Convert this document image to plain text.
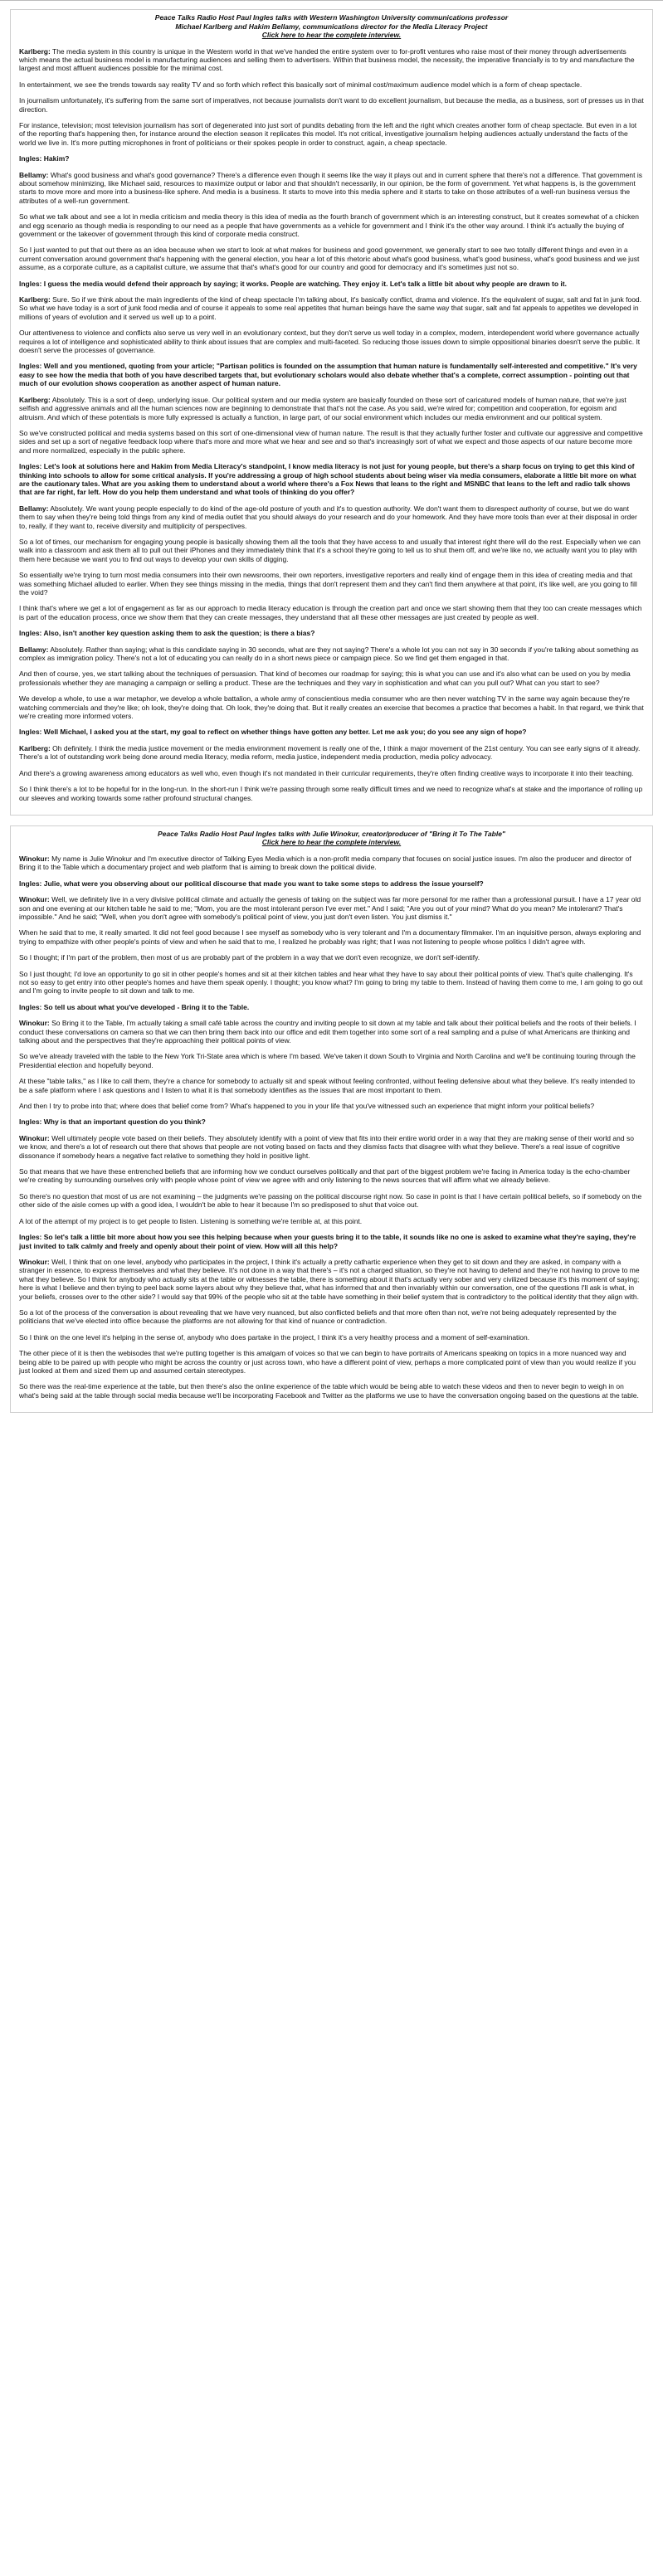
Peace Talks Radio Host Paul Ingles talks with Western Washington University communications professor
Michael Karlberg and Hakim Bellamy, communications director for the Media Literacy Project
Click here to hear the complete interview.

Karlberg: The media system in this country is unique in the Western world in that we've handed the entire system over to for-profit ventures who raise most of their money through advertisements which means the actual business model is manufacturing audiences and selling them to advertisers. Within that business model, the necessity, the imperative financially is to try and manufacture the largest and most affluent audiences possible for the minimal cost.

In entertainment, we see the trends towards say reality TV and so forth which reflect this basically sort of minimal cost/maximum audience model which is a form of cheap spectacle.

In journalism unfortunately, it's suffering from the same sort of imperatives, not because journalists don't want to do excellent journalism, but because the media, as a business, sort of presses us in that direction.

For instance, television; most television journalism has sort of degenerated into just sort of pundits debating from the left and the right which creates another form of cheap spectacle. But even in a lot of the reporting that's happening then, for instance around the election season it replicates this model. It's not critical, investigative journalism helping audiences actually understand the facts of the world we live in. It's more putting microphones in front of politicians or their spokes people in order to construct, again, a cheap spectacle.

Ingles: Hakim?

Bellamy: What's good business and what's good governance? There's a difference even though it seems like the way it plays out and in current sphere that there's not a difference. That government is about somehow minimizing, like Michael said, resources to maximize output or labor and that shouldn't necessarily, in our opinion, be the form of government. Yet what happens is, is the government starts to move more and more into a business-like sphere. And media is a business. It starts to move into this media sphere and it starts to take on those attributes of a well-run business versus the attributes of a well-run government.

So what we talk about and see a lot in media criticism and media theory is this idea of media as the fourth branch of government which is an interesting construct, but it creates somewhat of a chicken and egg scenario as though media is responding to our need as a people that have governments as a vehicle for government and I think it's the other way around. I think it's actually the buying of government or the takeover of government through this kind of corporate media construct.

So I just wanted to put that out there as an idea because when we start to look at what makes for business and good government, we generally start to see two totally different things and even in a current conversation around government that's happening with the general election, you hear a lot of this rhetoric about what's good business, what's good business, what's good business and we just assume, as a corporate culture, as a capitalist culture, we assume that that's what's good for our country and good for democracy and it's sometimes just not so.

Ingles: I guess the media would defend their approach by saying; it works. People are watching. They enjoy it. Let's talk a little bit about why people are drawn to it.

Karlberg: Sure. So if we think about the main ingredients of the kind of cheap spectacle I'm talking about, it's basically conflict, drama and violence. It's the equivalent of sugar, salt and fat in junk food. So what we have today is a sort of junk food media and of course it appeals to some real appetites that human beings have the same way that sugar, salt and fat appeals to appetites we developed in millions of years of evolution and it served us well up to a point.

Our attentiveness to violence and conflicts also serve us very well in an evolutionary context, but they don't serve us well today in a complex, modern, interdependent world where governance actually requires a lot of intelligence and sophisticated ability to think about issues that are complex and multi-faceted. So reducing those issues down to simple oppositional binaries doesn't serve the public. It doesn't serve the processes of governance.

Ingles: Well and you mentioned, quoting from your article; "Partisan politics is founded on the assumption that human nature is fundamentally self-interested and competitive." It's very easy to see how the media that both of you have described targets that, but evolutionary scholars would also debate whether that's a complete, correct assumption - pointing out that much of our evolution shows cooperation as another aspect of human nature.

Karlberg: Absolutely. This is a sort of deep, underlying issue. Our political system and our media system are basically founded on these sort of caricatured models of human nature, that we're just selfish and aggressive animals and all the human sciences now are beginning to demonstrate that that's not the case. As you said, we're wired for; competition and cooperation, for egoism and altruism. And which of these potentials is more fully expressed is actually a function, in large part, of our social environment which includes our media environment and our political system.

So we've constructed political and media systems based on this sort of one-dimensional view of human nature. The result is that they actually further foster and cultivate our aggressive and competitive sides and set up a sort of negative feedback loop where that's more and more what we hear and see and so that's increasingly sort of what we expect and those aspects of our nature become more and more normalized, especially in the public sphere.

Ingles: Let's look at solutions here and Hakim from Media Literacy's standpoint, I know media literacy is not just for young people, but there's a sharp focus on trying to get this kind of thinking into schools to allow for some critical analysis. If you're addressing a group of high school students about being wiser via media consumers, elaborate a little bit more on what are the cautionary tales. What are you asking them to understand about a world where there's a Fox News that leans to the right and MSNBC that leans to the left and radio talk shows that are far right, far left. How do you help them understand and what tools of thinking do you offer?

Bellamy: Absolutely. We want young people especially to do kind of the age-old posture of youth and it's to question authority. We don't want them to disrespect authority of course, but we do want them to say when they're being told things from any kind of media outlet that you should always do your research and do your homework. And they have more tools than ever at their disposal in order to, really, if they want to, receive diversity and multiplicity of perspectives.

So a lot of times, our mechanism for engaging young people is basically showing them all the tools that they have access to and usually that interest right there will do the rest. Especially when we can walk into a classroom and ask them all to pull out their iPhones and they immediately think that it's a school they're going to tell us to shut them off, and we're like no, we actually want you to play with them here because we want you to find out ways to develop your own skills of digging.

So essentially we're trying to turn most media consumers into their own newsrooms, their own reporters, investigative reporters and really kind of engage them in this idea of creating media and that was something Michael alluded to earlier. When they see things missing in the media, things that don't represent them and they can't find them anywhere at that point, it's like well, are you going to fill the void?

I think that's where we get a lot of engagement as far as our approach to media literacy education is through the creation part and once we start showing them that they too can create messages which is part of the education process, once we show them that they can create messages, they understand that all these other messages are just created by people as well.

Ingles: Also, isn't another key question asking them to ask the question; is there a bias?

Bellamy: Absolutely. Rather than saying; what is this candidate saying in 30 seconds, what are they not saying? There's a whole lot you can not say in 30 seconds if you're talking about something as complex as immigration policy. There's not a lot of educating you can really do in a short news piece or campaign piece. So we find get them engaged in that.

And then of course, yes, we start talking about the techniques of persuasion. That kind of becomes our roadmap for saying; this is what you can use and it's also what can be used on you by media professionals whether they are managing a campaign or selling a product. These are the techniques and they vary in sophistication and what can you pull out? What can you start to see?

We develop a whole, to use a war metaphor, we develop a whole battalion, a whole army of conscientious media consumer who are then never watching TV in the same way again because they're watching commercials and they're like; oh look, they're doing that. Oh look, they're doing that. But it really creates an exercise that becomes a practice that becomes a habit. In that regard, we think that we're creating more informed voters.

Ingles: Well Michael, I asked you at the start, my goal to reflect on whether things have gotten any better. Let me ask you; do you see any sign of hope?

Karlberg: Oh definitely. I think the media justice movement or the media environment movement is really one of the, I think a major movement of the 21st century. You can see early signs of it already. There's a lot of outstanding work being done around media literacy, media reform, media justice, independent media production, media policy advocacy.

And there's a growing awareness among educators as well who, even though it's not mandated in their curricular requirements, they're often finding creative ways to incorporate it into their teaching.

So I think there's a lot to be hopeful for in the long-run. In the short-run I think we're passing through some really difficult times and we need to recognize what's at stake and the importance of rolling up our sleeves and working towards some rather profound structural changes.

Peace Talks Radio Host Paul Ingles talks with Julie Winokur, creator/producer of "Bring it To The Table"
Click here to hear the complete interview.

Winokur: My name is Julie Winokur and I'm executive director of Talking Eyes Media which is a non-profit media company that focuses on social justice issues. I'm also the producer and director of Bring it to the Table which a documentary project and web platform that is aiming to break down the political divide.

Ingles: Julie, what were you observing about our political discourse that made you want to take some steps to address the issue yourself?

Winokur: Well, we definitely live in a very divisive political climate and actually the genesis of taking on the subject was far more personal for me rather than a professional pursuit. I have a 17 year old son and one evening at our kitchen table he said to me; "Mom, you are the most intolerant person I've ever met." And I said; "Are you out of your mind? What do you mean? Me intolerant? That's impossible." And he said; "Well, when you don't agree with somebody's political point of view, you just don't even listen. You just dismiss it."

When he said that to me, it really smarted. It did not feel good because I see myself as somebody who is very tolerant and I'm a documentary filmmaker. I'm an inquisitive person, always exploring and trying to empathize with other people's points of view and when he said that to me, I realized he probably was right; that I was not listening to people whose politics I didn't agree with.

So I thought; if I'm part of the problem, then most of us are probably part of the problem in a way that we don't even recognize, we don't self-identify.

So I just thought; I'd love an opportunity to go sit in other people's homes and sit at their kitchen tables and hear what they have to say about their political points of view. That's quite challenging. It's not so easy to get entry into other people's homes and have them speak openly. I thought; you know what? I'm going to bring my table to them. Instead of having them come to me, I am going to go out and I'm going to invite people to sit down and talk to me.

Ingles: So tell us about what you've developed - Bring it to the Table.

Winokur: So Bring it to the Table, I'm actually taking a small café table across the country and inviting people to sit down at my table and talk about their political beliefs and the roots of their beliefs. I conduct these conversations on camera so that we can then bring them back into our office and edit them together into some sort of a real sampling and a pulse of what Americans are thinking and talking about and the perspectives that they're approaching their political points of view.

So we've already traveled with the table to the New York Tri-State area which is where I'm based. We've taken it down South to Virginia and North Carolina and we'll be continuing touring through the Presidential election and hopefully beyond.

At these "table talks," as I like to call them, they're a chance for somebody to actually sit and speak without feeling confronted, without feeling defensive about what they believe. It's really intended to be a safe platform where I ask questions and I listen to what it is that somebody identifies as the issues that are most important to them.

And then I try to probe into that; where does that belief come from? What's happened to you in your life that you've witnessed such an experience that might inform your political beliefs?

Ingles: Why is that an important question do you think?

Winokur: Well ultimately people vote based on their beliefs. They absolutely identify with a point of view that fits into their entire world order in a way that they are making sense of their world and so we know, and there's a lot of research out there that shows that people are not voting based on facts and they dismiss facts that disagree with what they believe. There's a real issue of cognitive dissonance if somebody hears a negative fact relative to something they hold in positive light.

So that means that we have these entrenched beliefs that are informing how we conduct ourselves politically and that part of the biggest problem we're facing in America today is the echo-chamber we're creating by surrounding ourselves only with people whose point of view we agree with and only listening to the news sources that will affirm what we already believe.

So there's no question that most of us are not examining – the judgments we're passing on the political discourse right now. So case in point is that I have certain political beliefs, so if somebody on the other side of the aisle comes up with a good idea, I wouldn't be able to hear it because I'm so predisposed to shut that voice out.

A lot of the attempt of my project is to get people to listen. Listening is something we're terrible at, at this point.

Ingles: So let's talk a little bit more about how you see this helping because when your guests bring it to the table, it sounds like no one is asked to examine what they're saying, they're just invited to talk calmly and freely and openly about their point of view. How will all this help?

Winokur: Well, I think that on one level, anybody who participates in the project, I think it's actually a pretty cathartic experience when they get to sit down and they are asked, in company with a stranger in essence, to express themselves and what they believe. It's not done in a way that there's – it's not a charged situation, so they're not having to defend and they're not having to prove to me what they believe. So I think for anybody who actually sits at the table or witnesses the table, there is something about it that's actually very sober and very civilized because it's this moment of saying; here is what I believe and then trying to peel back some layers about why they believe that, what has informed that and then invariably within our conversation, one of the questions I'll ask is what, in your beliefs, crosses over to the other side? I would say that 99% of the people who sit at the table have something in their belief system that is contradictory to the political identity that they align with.

So a lot of the process of the conversation is about revealing that we have very nuanced, but also conflicted beliefs and that more often than not, we're not being adequately represented by the politicians that we've elected into office because the platforms are not allowing for that kind of nuance or contradiction.

So I think on the one level it's helping in the sense of, anybody who does partake in the project, I think it's a very healthy process and a moment of self-examination.

The other piece of it is then the webisodes that we're putting together is this amalgam of voices so that we can begin to have portraits of Americans speaking on topics in a more nuanced way and being able to be paired up with people who might be across the country or just across town, who have a different point of view, perhaps a more complicated point of view than you would realize if you just looked at them and sized them up and assumed certain stereotypes.

So there was the real-time experience at the table, but then there's also the online experience of the table which would be being able to watch these videos and then to never begin to weigh in on what's being said at the table through social media because we'll be incorporating Facebook and Twitter as the platforms we use to have the conversation ongoing based on the questions at the table.
